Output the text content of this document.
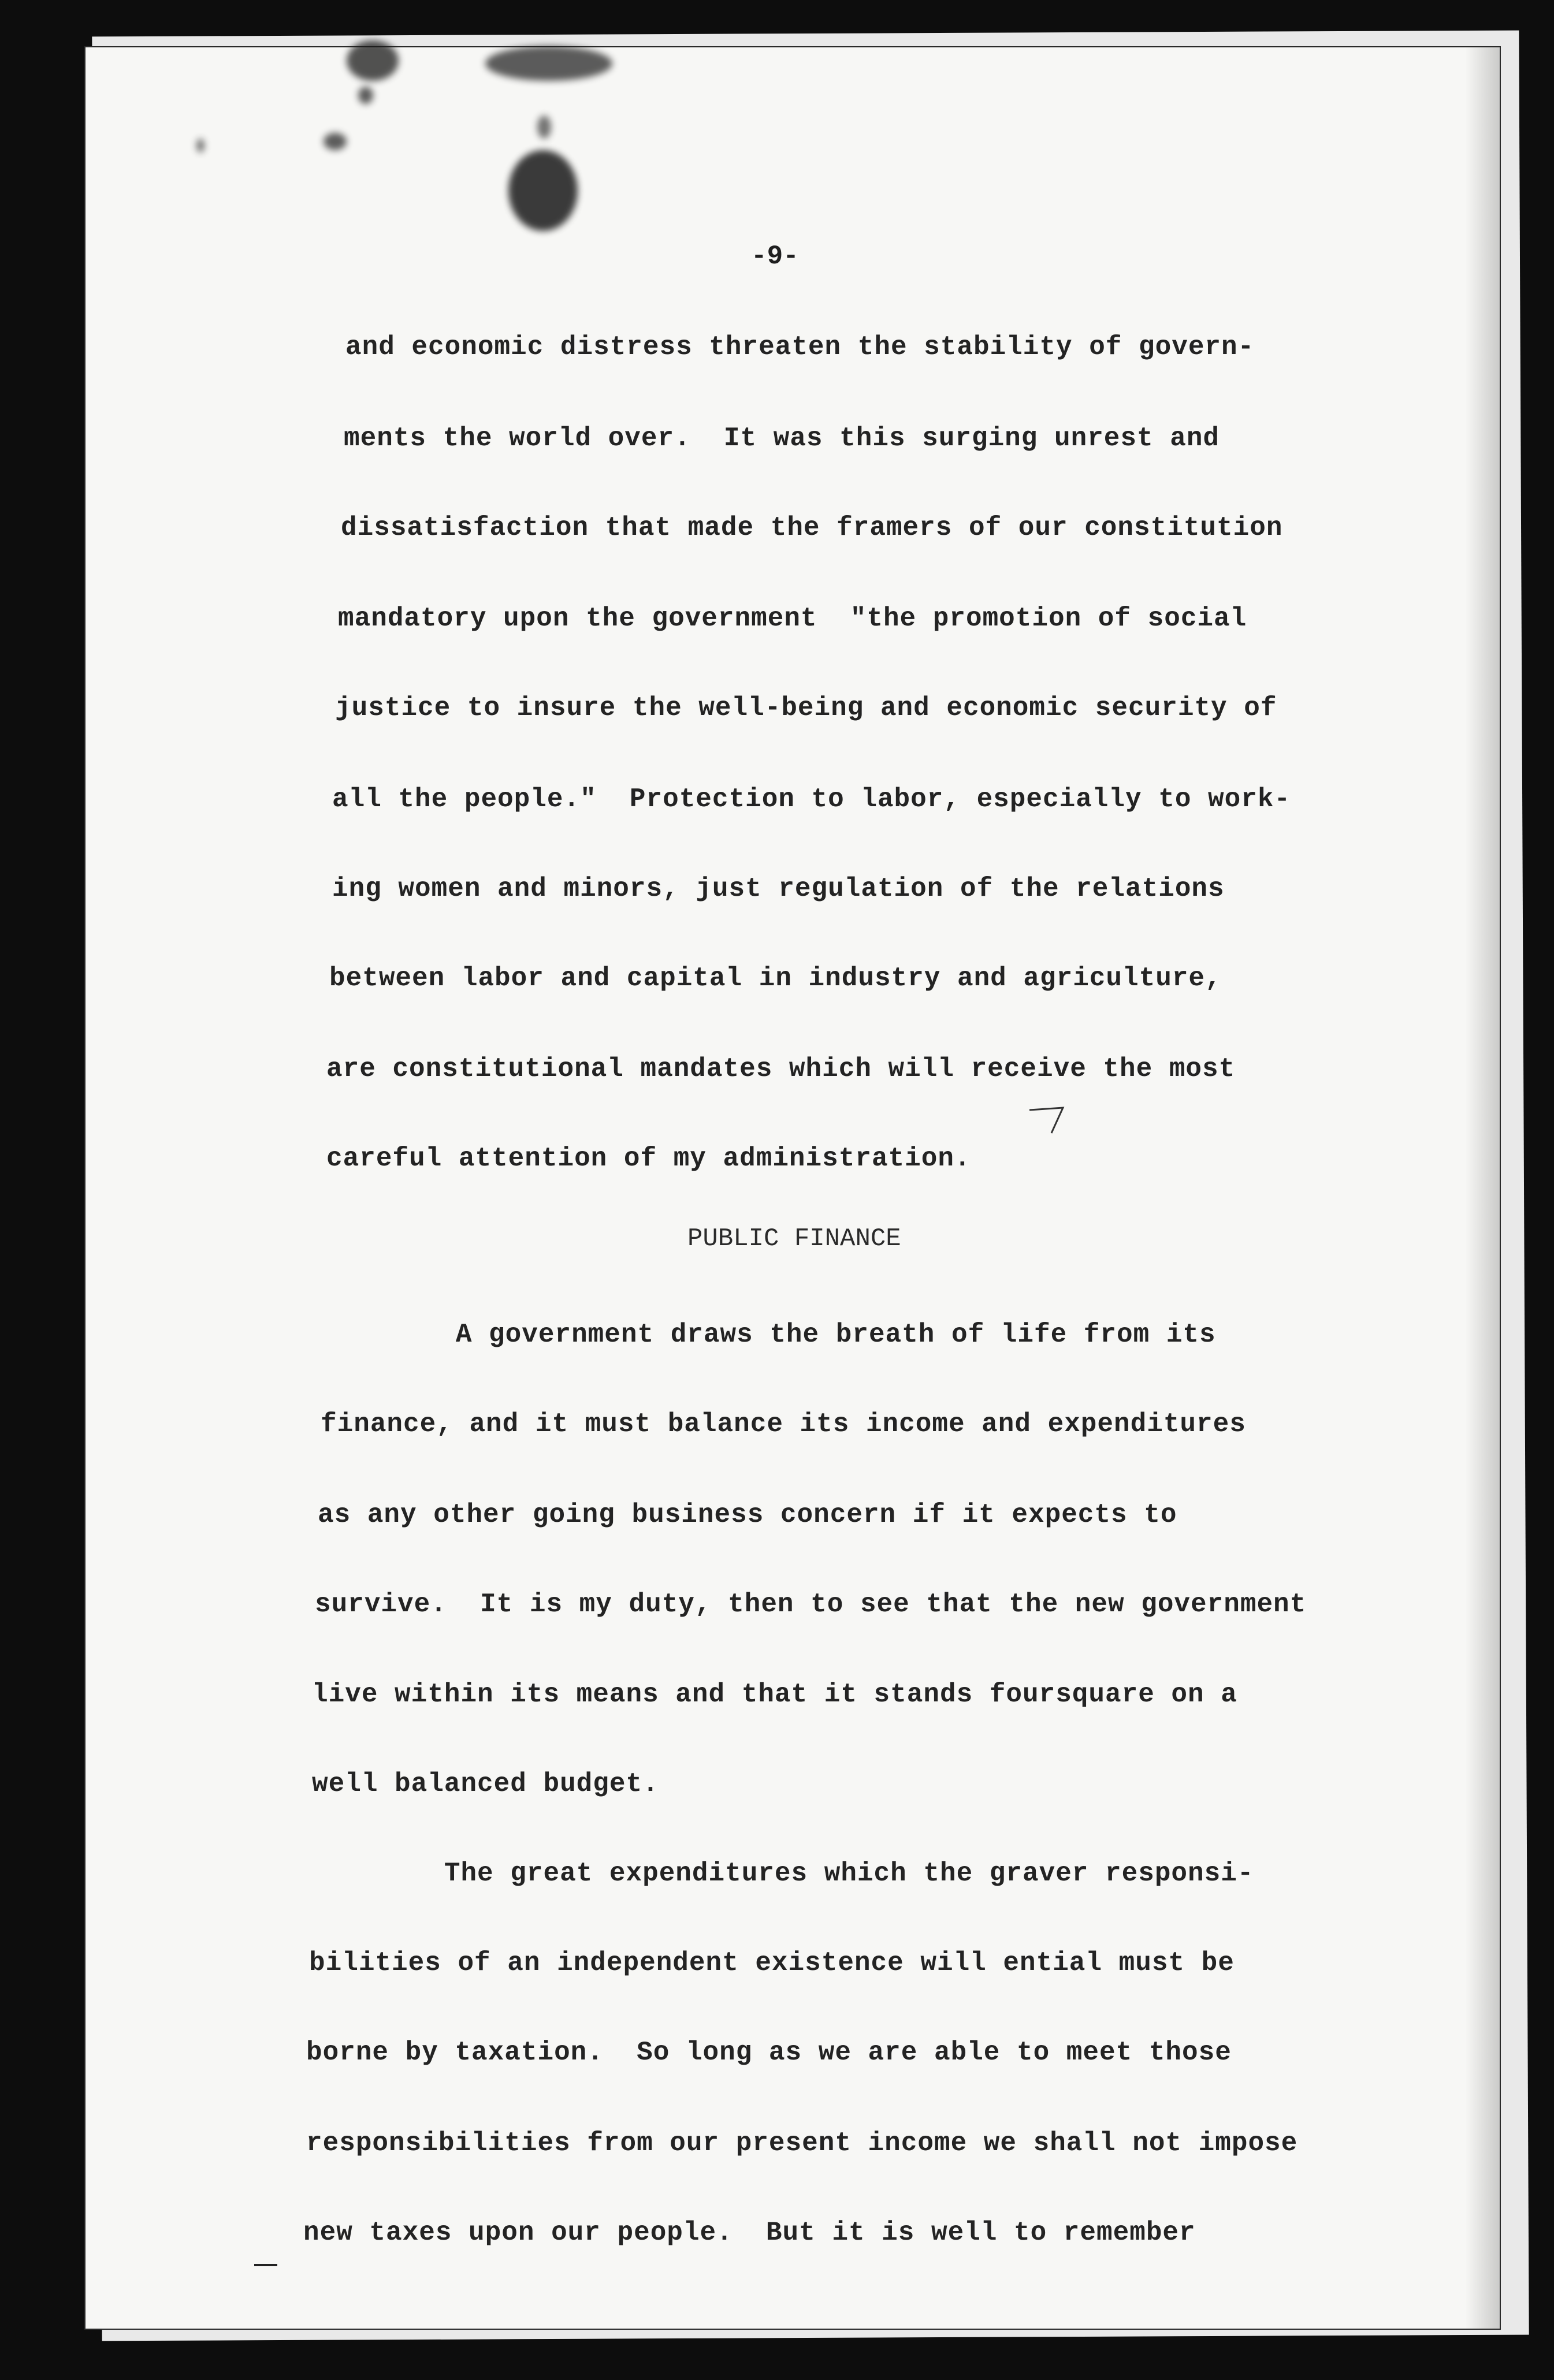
-9-
and economic distress threaten the stability of govern-
ments the world over.  It was this surging unrest and
dissatisfaction that made the framers of our constitution
mandatory upon the government  "the promotion of social
justice to insure the well-being and economic security of
all the people."  Protection to labor, especially to work-
ing women and minors, just regulation of the relations
between labor and capital in industry and agriculture,
are constitutional mandates which will receive the most
careful attention of my administration.
PUBLIC FINANCE
A government draws the breath of life from its
finance, and it must balance its income and expenditures
as any other going business concern if it expects to
survive.  It is my duty, then to see that the new government
live within its means and that it stands foursquare on a
well balanced budget.
The great expenditures which the graver responsi-
bilities of an independent existence will ential must be
borne by taxation.  So long as we are able to meet those
responsibilities from our present income we shall not impose
new taxes upon our people.  But it is well to remember
